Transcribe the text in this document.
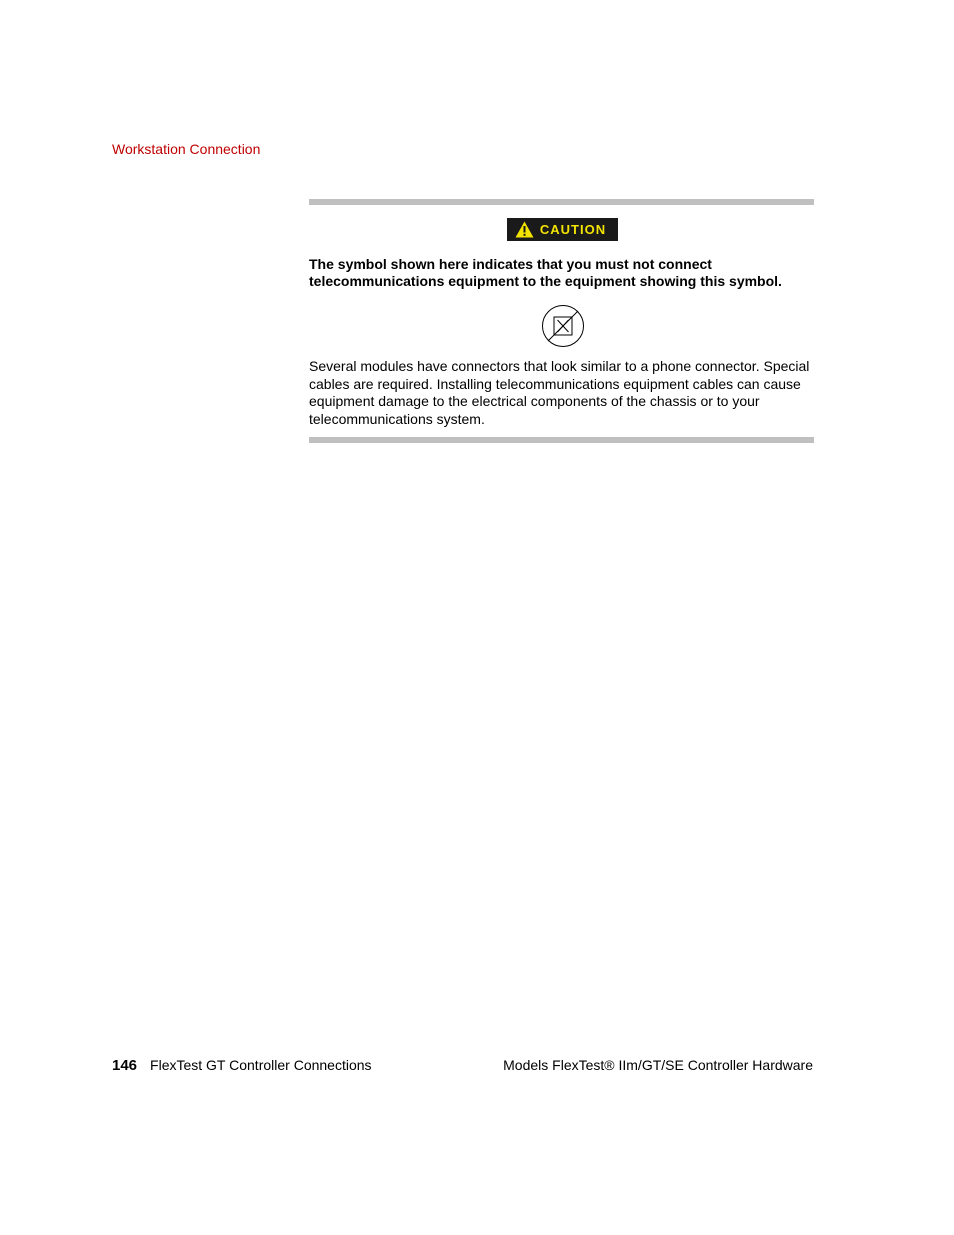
Workstation Connection
CAUTION
The symbol shown here indicates that you must not connect telecommunications equipment to the equipment showing this symbol.
Several modules have connectors that look similar to a phone connector. Special cables are required. Installing telecommunications equipment cables can cause equipment damage to the electrical components of the chassis or to your telecommunications system.
146 FlexTest GT Controller Connections	Models FlexTest® IIm/GT/SE Controller Hardware
